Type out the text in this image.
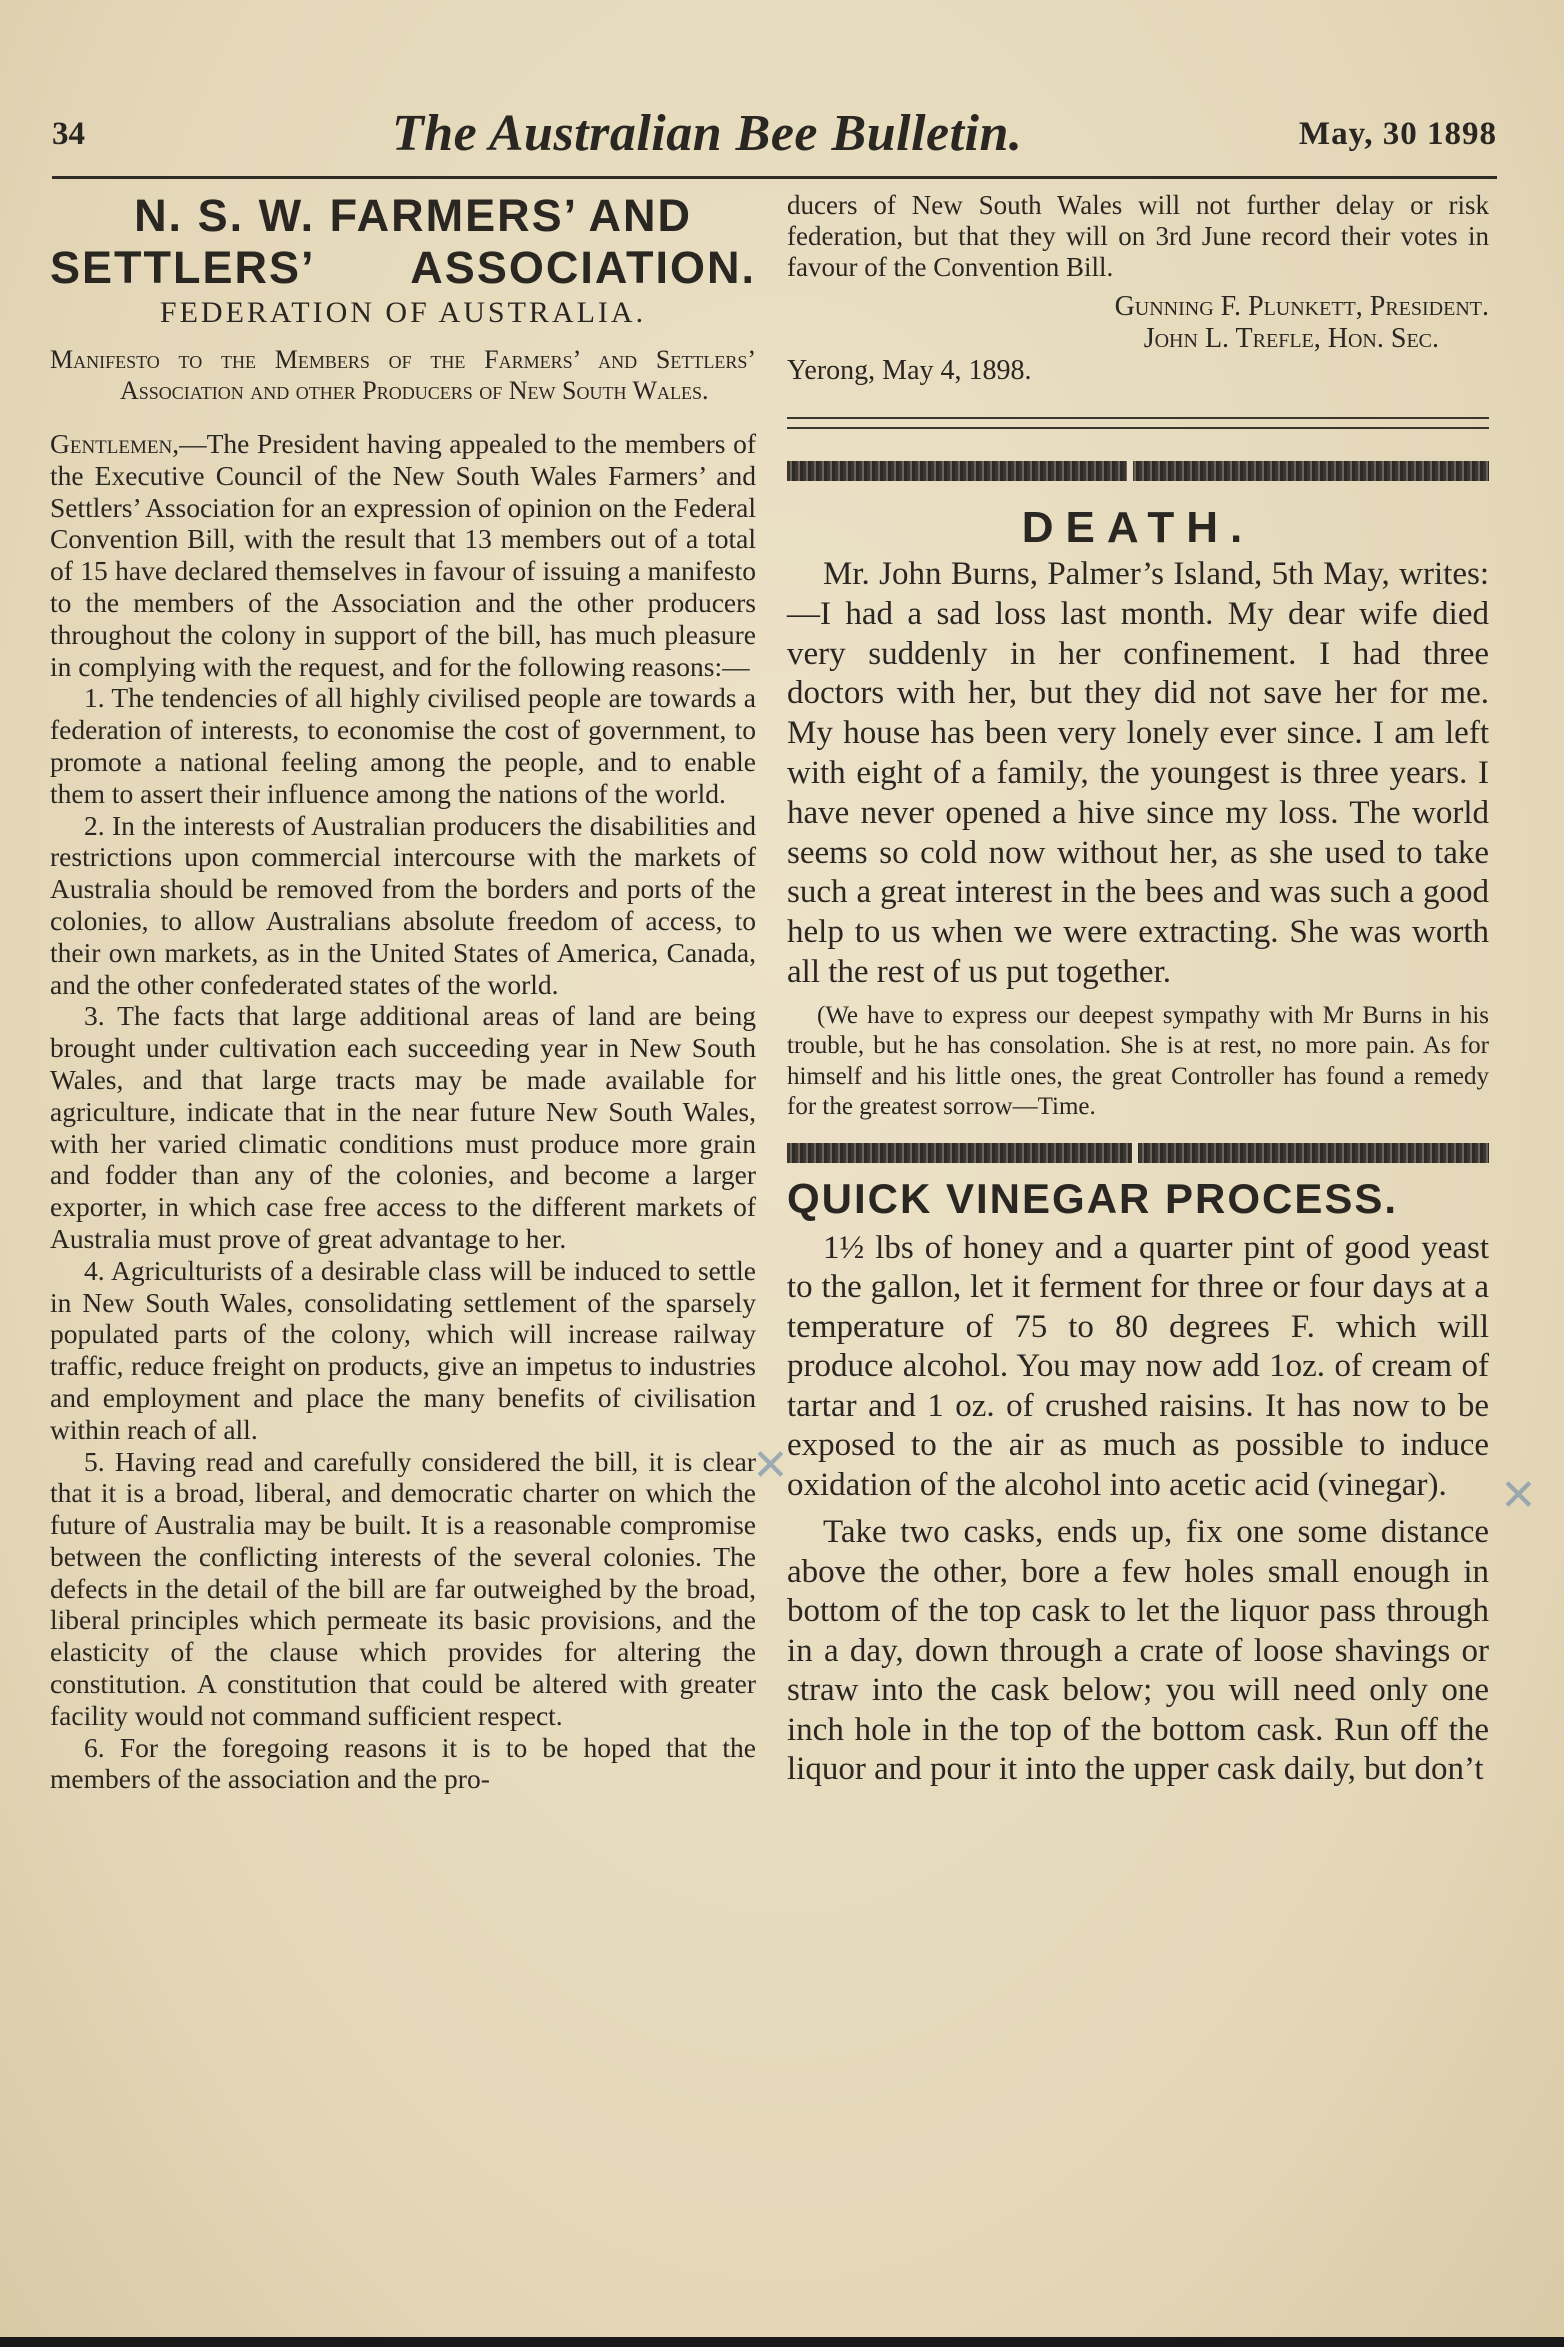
34	The Australian Bee Bulletin.	May, 30 1898
N. S. W. FARMERS’ AND
SETTLERS’ ASSOCIATION.
FEDERATION OF AUSTRALIA.

Manifesto to the Members of the Farmers’ and Settlers’ Association and other Producers of New South Wales.

Gentlemen,—The President having appealed to the members of the Executive Council of the New South Wales Farmers’ and Settlers’ Association for an expression of opinion on the Federal Convention Bill, with the result that 13 members out of a total of 15 have declared themselves in favour of issuing a manifesto to the members of the Association and the other producers throughout the colony in support of the bill, has much pleasure in complying with the request, and for the following reasons:—

1. The tendencies of all highly civilised people are towards a federation of interests, to economise the cost of government, to promote a national feeling among the people, and to enable them to assert their influence among the nations of the world.

2. In the interests of Australian producers the disabilities and restrictions upon commercial intercourse with the markets of Australia should be removed from the borders and ports of the colonies, to allow Australians absolute freedom of access, to their own markets, as in the United States of America, Canada, and the other confederated states of the world.

3. The facts that large additional areas of land are being brought under cultivation each succeeding year in New South Wales, and that large tracts may be made available for agriculture, indicate that in the near future New South Wales, with her varied climatic conditions must produce more grain and fodder than any of the colonies, and become a larger exporter, in which case free access to the different markets of Australia must prove of great advantage to her.

4. Agriculturists of a desirable class will be induced to settle in New South Wales, consolidating settlement of the sparsely populated parts of the colony, which will increase railway traffic, reduce freight on products, give an impetus to industries and employment and place the many benefits of civilisation within reach of all.

5. Having read and carefully considered the bill, it is clear that it is a broad, liberal, and democratic charter on which the future of Australia may be built. It is a reasonable compromise between the conflicting interests of the several colonies. The defects in the detail of the bill are far outweighed by the broad, liberal principles which permeate its basic provisions, and the elasticity of the clause which provides for altering the constitution. A constitution that could be altered with greater facility would not command sufficient respect.

6. For the foregoing reasons it is to be hoped that the members of the association and the pro-

ducers of New South Wales will not further delay or risk federation, but that they will on 3rd June record their votes in favour of the Convention Bill.

Gunning F. Plunkett, President.
John L. Trefle, Hon. Sec.
Yerong, May 4, 1898.
DEATH.

Mr. John Burns, Palmer’s Island, 5th May, writes:—I had a sad loss last month. My dear wife died very suddenly in her confinement. I had three doctors with her, but they did not save her for me. My house has been very lonely ever since. I am left with eight of a family, the youngest is three years. I have never opened a hive since my loss. The world seems so cold now without her, as she used to take such a great interest in the bees and was such a good help to us when we were extracting. She was worth all the rest of us put together.

(We have to express our deepest sympathy with Mr Burns in his trouble, but he has consolation. She is at rest, no more pain. As for himself and his little ones, the great Controller has found a remedy for the greatest sorrow—Time.

QUICK VINEGAR PROCESS.

1½ lbs of honey and a quarter pint of good yeast to the gallon, let it ferment for three or four days at a temperature of 75 to 80 degrees F. which will produce alcohol. You may now add 1oz. of cream of tartar and 1 oz. of crushed raisins. It has now to be exposed to the air as much as possible to induce oxidation of the alcohol into acetic acid (vinegar).

Take two casks, ends up, fix one some distance above the other, bore a few holes small enough in bottom of the top cask to let the liquor pass through in a day, down through a crate of loose shavings or straw into the cask below; you will need only one inch hole in the top of the bottom cask. Run off the liquor and pour it into the upper cask daily, but don’t

✕
✕
